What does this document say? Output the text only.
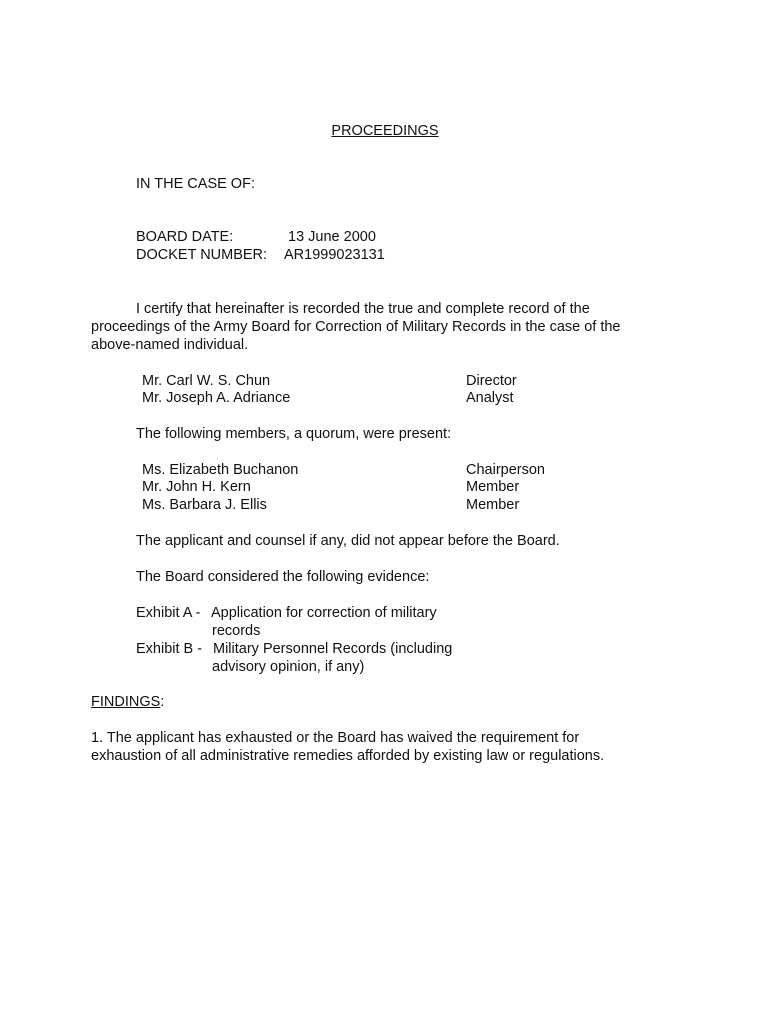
PROCEEDINGS
IN THE CASE OF:
BOARD DATE:	13 June 2000
DOCKET NUMBER: AR1999023131
I certify that hereinafter is recorded the true and complete record of the
proceedings of the Army Board for Correction of Military Records in the case of the
above-named individual.
Mr. Carl W. S. Chun	Director
Mr. Joseph A. Adriance	Analyst
The following members, a quorum, were present:
Ms. Elizabeth Buchanon	Chairperson
Mr. John H. Kern	Member
Ms. Barbara J. Ellis	Member
The applicant and counsel if any, did not appear before the Board.
The Board considered the following evidence:
Exhibit A - Application for correction of military
records
Exhibit B - Military Personnel Records (including
advisory opinion, if any)
FINDINGS:
1. The applicant has exhausted or the Board has waived the requirement for
exhaustion of all administrative remedies afforded by existing law or regulations.
